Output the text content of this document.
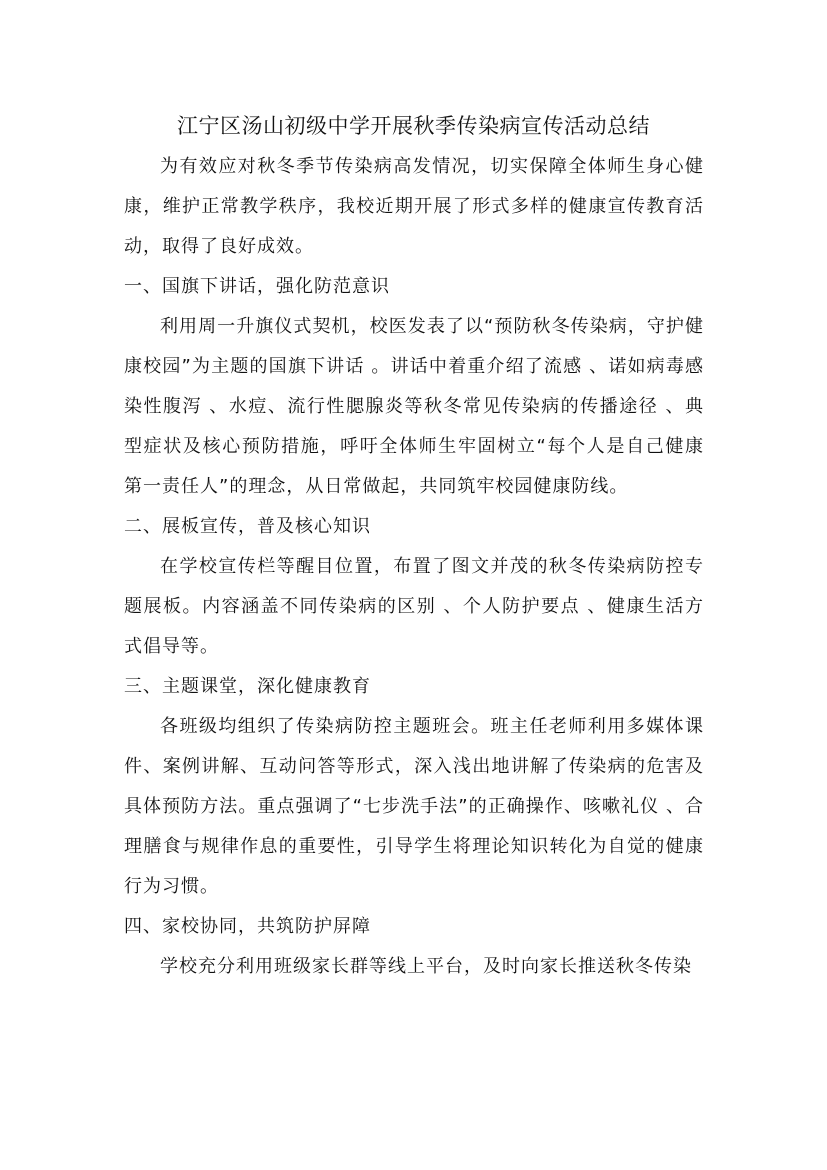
江宁区汤山初级中学开展秋季传染病宣传活动总结

为有效应对秋冬季节传染病高发情况，切实保障全体师生身心健康，维护正常教学秩序，我校近期开展了形式多样的健康宣传教育活动，取得了良好成效。

一、国旗下讲话，强化防范意识

利用周一升旗仪式契机，校医发表了以“预防秋冬传染病，守护健康校园”为主题的国旗下讲话 。讲话中着重介绍了流感 、诺如病毒感染性腹泻 、水痘、流行性腮腺炎等秋冬常见传染病的传播途径 、典型症状及核心预防措施，呼吁全体师生牢固树立“每个人是自己健康第一责任人”的理念，从日常做起，共同筑牢校园健康防线。

二、展板宣传，普及核心知识

在学校宣传栏等醒目位置，布置了图文并茂的秋冬传染病防控专题展板。内容涵盖不同传染病的区别 、个人防护要点 、健康生活方式倡导等。

三、主题课堂，深化健康教育

各班级均组织了传染病防控主题班会。班主任老师利用多媒体课件、案例讲解、互动问答等形式，深入浅出地讲解了传染病的危害及具体预防方法。重点强调了“七步洗手法”的正确操作、咳嗽礼仪 、合理膳食与规律作息的重要性，引导学生将理论知识转化为自觉的健康行为习惯。

四、家校协同，共筑防护屏障

学校充分利用班级家长群等线上平台，及时向家长推送秋冬传染
